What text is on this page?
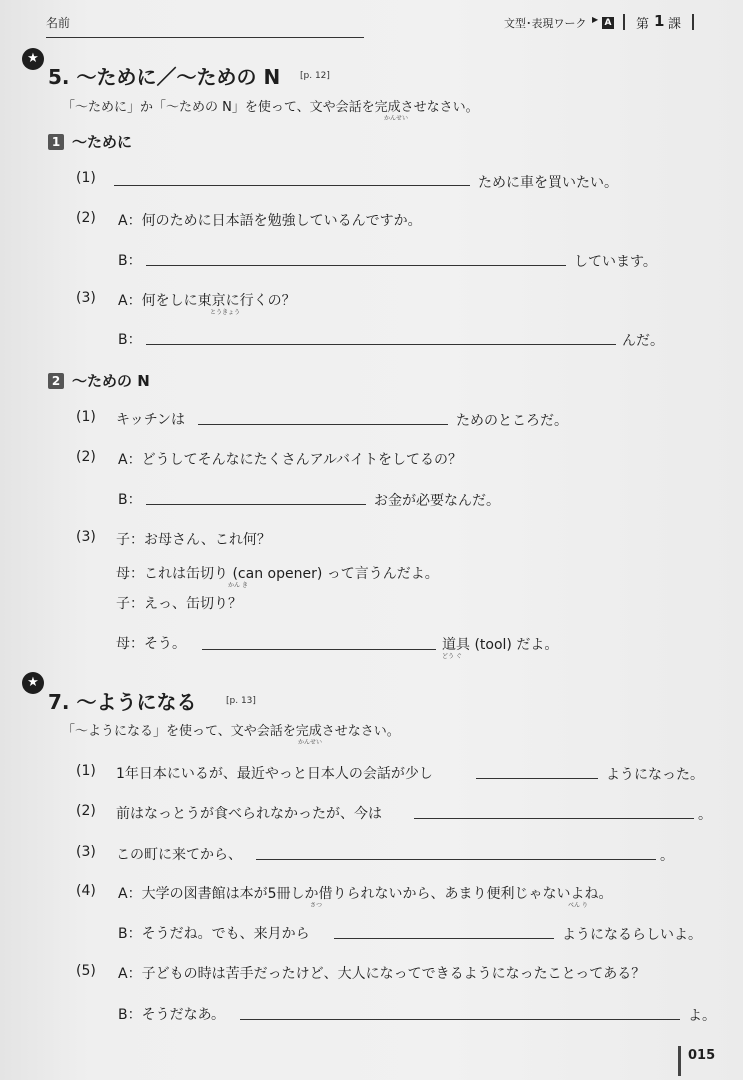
名前	文型･表現ワーク ▶ A 第 1 課
★
5. ～ために／～ための N [p. 12]
「～ために」か「～ための N」を使って、文や会話を完成させなさい。
かんせい
1 ～ために
(1)	ために車を買いたい。
(2) A：何のために日本語を勉強しているんですか。
B：	しています。
(3) A：何をしに東京に行くの？
とうきょう
B：	んだ。
2 ～ための N
(1) キッチンは	ためのところだ。
(2) A：どうしてそんなにたくさんアルバイトをしてるの？
B：	お金が必要なんだ。
(3) 子：お母さん、これ何？
母：これは缶切り (can opener) って言うんだよ。
かん き
子：えっ、缶切り？
母：そう。	道具 (tool) だよ。
どう ぐ
★
7. ～ようになる	[p. 13]
「～ようになる」を使って、文や会話を完成させなさい。
かんせい
(1) 1年日本にいるが、最近やっと日本人の会話が少し	ようになった。
(2) 前はなっとうが食べられなかったが、今は	。
(3) この町に来てから、	。
(4) A：大学の図書館は本が5冊しか借りられないから、あまり便利じゃないよね。
さつ	べん り
B：そうだね。でも、来月から	ようになるらしいよ。
(5) A：子どもの時は苦手だったけど、大人になってできるようになったことってある？
B：そうだなあ。	よ。
015
